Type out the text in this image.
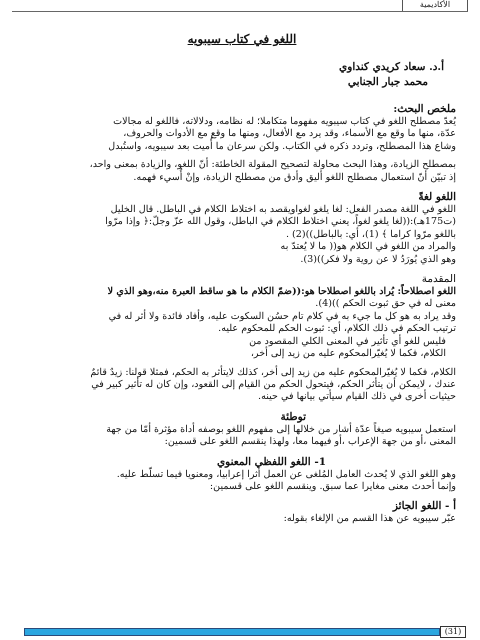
الأكاديمية
اللغو في كتاب سيبويه
أ.د. سعاد كريدي كنداوي
محمد جبار الجنابي
ملخص البحث:

يُعدّ مصطلح اللغو في كتاب سيبويه مفهوما متكاملا؛ له نظامه، ودلالاته، فاللغو له مجالات

عدّة، منها ما وقع مع الأسماء، وقد يرد مع الأفعال، ومنها ما وقع مع الأدوات والحروف،

وشاع هذا المصطلح، وتردد ذكره في الكتاب. ولكن سرعان ما أُميت بعد سيبويه، واستُبدل

بمصطلح الزيادة، وهذا البحث محاولة لتصحيح المقولة الخاطئة: أنّ اللغو، والزيادة بمعنى واحد،

إذ تبيّن أنّ استعمال مصطلح اللغو أليق وأدق من مصطلح الزيادة، وإنْ أُسيء فهمه.

اللغو لغةً

اللغو في اللغة مصدر الفعل: لغا يلغو لغواويقصد به اختلاط الكلام في الباطل. قال الخليل

(ت175هـ):((لغا يلغو لغواً، يعني اختلاط الكلام في الباطل، وقول الله عزّ وجلّ:﴿ وإذا مرّوا

باللغو مرّوا كراما ﴾ (1)، أي: بالباطل))(2) .

والمراد من اللغو في الكلام هو(( ما لا يُعتدّ به

وهو الذي يُورَدُ لا عن روية ولا فكر))(3).

المقدمة

اللغو اصطلاحاً: يُراد باللغو اصطلاحا هو:((ضمّ الكلام ما هو ساقط العبرة منه،وهو الذي لا

معنى له في حق ثبوت الحكم ))(4).

وقد يراد به هو كل ما جيء به في كلام تام حسُن السكوت عليه، وأفاد فائدة ولا أثر له في

ترتيب الحكم في ذلك الكلام، أي: ثبوت الحكم للمحكوم عليه.

فليس للغو أي تأثير في المعنى الكلي المقصود من

الكلام، فكما لا يُغيّرالمحكوم عليه من زيد إلى أخر،

الكلام، فكما لا يُغيّرالمحكوم عليه من زيد إلى أخر، كذلك لايتأثر به الحكم، فمثلا قولنا: زيدٌ قائمٌ

عندك ، لايمكن أن يتأثر الحكم، فيتحول الحكم من القيام إلى القعود، وإن كان له تأثير كبير في

حيثيات أخرى في ذلك القيام سيأتي بيانها في حينه.

توطئة

استعمل سيبويه صيغاً عدّة أشار من خلالها إلى مفهوم اللغو بوصفه أداة مؤثرة أمّا من جهة

المعنى ،أو من جهة الإعراب ،أو فيهما معا، ولهذا ينقسم اللغو على قسمين:

1- اللغو اللفظي المعنوي

وهو اللغو الذي لا يُحدث العامل المُلغى عن العمل أثرا إعرابيا، ومعنويا فيما تسلّط عليه.

وإنما أحدث معنى مغايرا عما سبق. وينقسم اللغو على قسمين:

أ - اللغو الجائز

عبّر سيبويه عن هذا القسم من الإلغاء بقوله:

(31)
